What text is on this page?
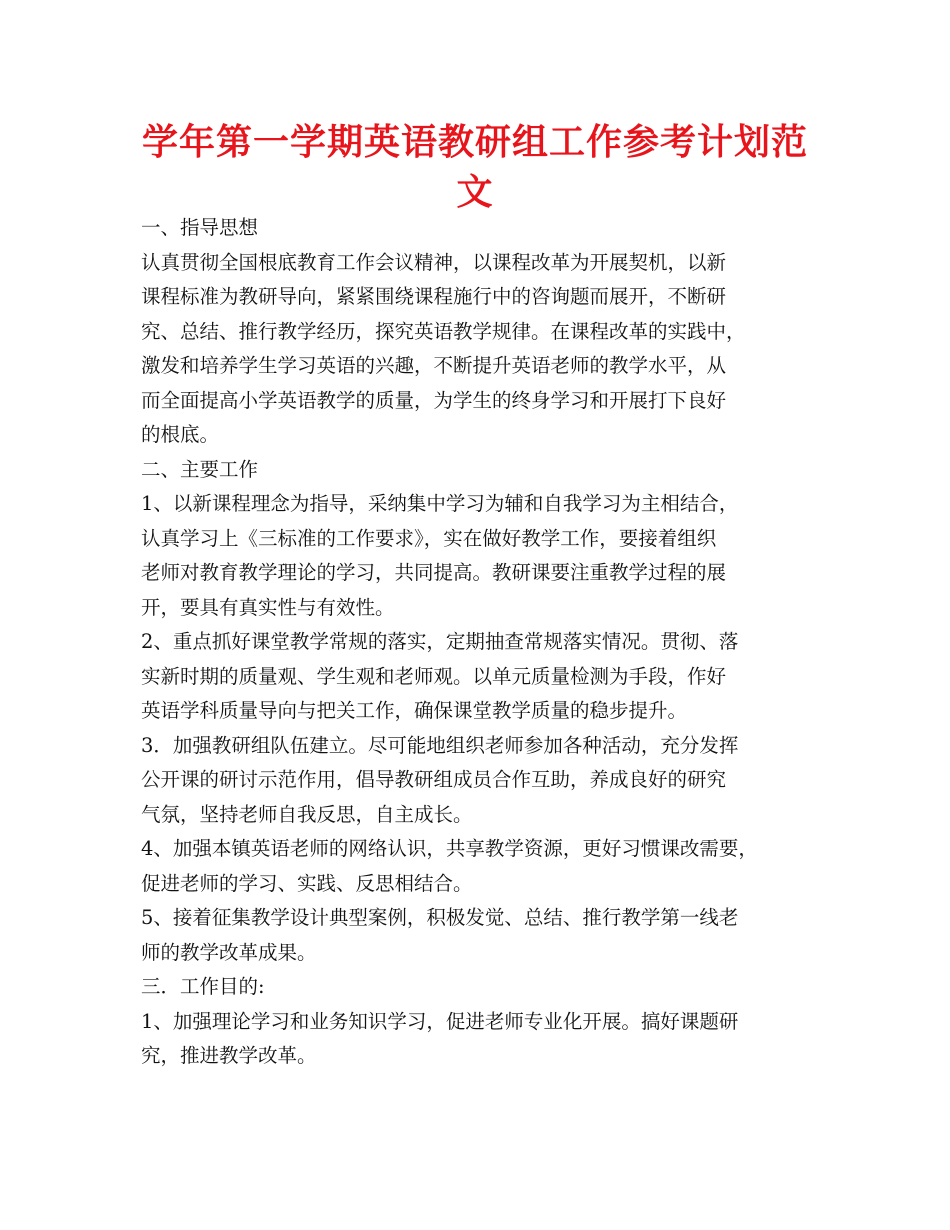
学年第一学期英语教研组工作参考计划范文
一、指导思想
认真贯彻全国根底教育工作会议精神，以课程改革为开展契机，以新
课程标准为教研导向，紧紧围绕课程施行中的咨询题而展开，不断研
究、总结、推行教学经历，探究英语教学规律。在课程改革的实践中，
激发和培养学生学习英语的兴趣，不断提升英语老师的教学水平，从
而全面提高小学英语教学的质量，为学生的终身学习和开展打下良好
的根底。
二、主要工作
1、以新课程理念为指导，采纳集中学习为辅和自我学习为主相结合，
认真学习上《三标准的工作要求》，实在做好教学工作，要接着组织
老师对教育教学理论的学习，共同提高。教研课要注重教学过程的展
开，要具有真实性与有效性。
2、重点抓好课堂教学常规的落实，定期抽查常规落实情况。贯彻、落
实新时期的质量观、学生观和老师观。以单元质量检测为手段，作好
英语学科质量导向与把关工作，确保课堂教学质量的稳步提升。
3．加强教研组队伍建立。尽可能地组织老师参加各种活动，充分发挥
公开课的研讨示范作用，倡导教研组成员合作互助，养成良好的研究
气氛，坚持老师自我反思，自主成长。
4、加强本镇英语老师的网络认识，共享教学资源，更好习惯课改需要，
促进老师的学习、实践、反思相结合。
5、接着征集教学设计典型案例，积极发觉、总结、推行教学第一线老
师的教学改革成果。
三．工作目的:
1、加强理论学习和业务知识学习，促进老师专业化开展。搞好课题研
究，推进教学改革。
